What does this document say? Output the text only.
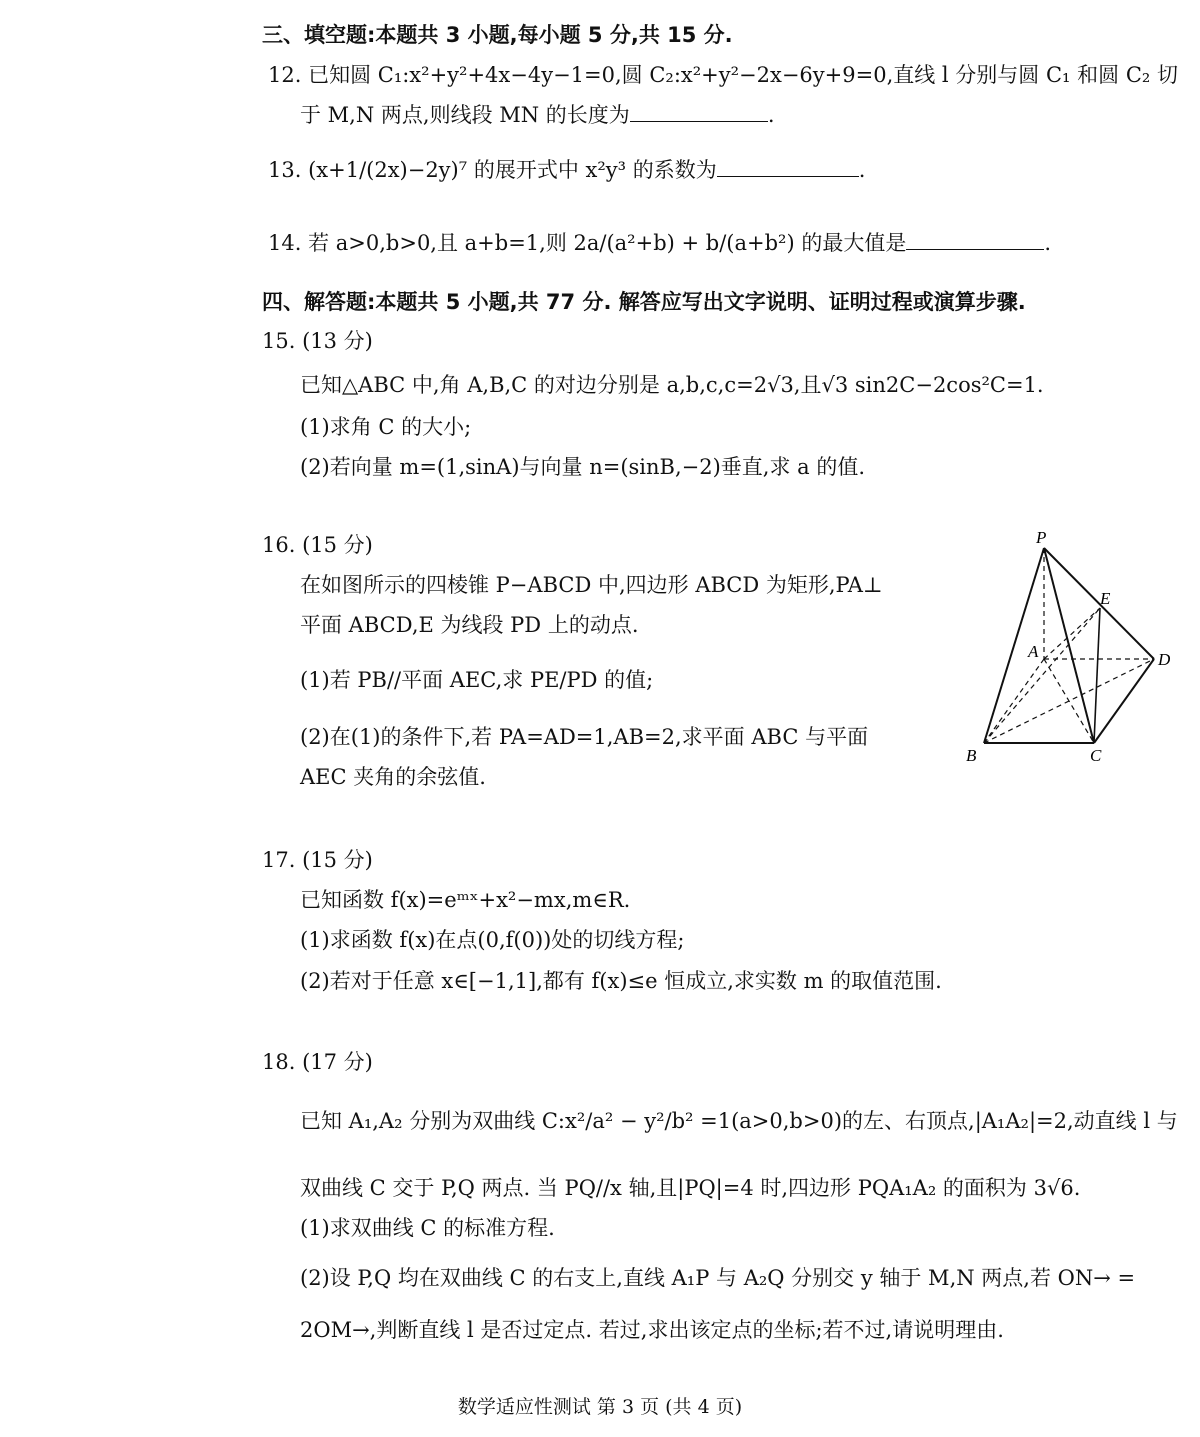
三、填空题:本题共 3 小题,每小题 5 分,共 15 分.
12. 已知圆 C₁:x²+y²+4x−4y−1=0,圆 C₂:x²+y²−2x−6y+9=0,直线 l 分别与圆 C₁ 和圆 C₂ 切
于 M,N 两点,则线段 MN 的长度为	.
13. (x+1/(2x)−2y)⁷ 的展开式中 x²y³ 的系数为	.
14. 若 a>0,b>0,且 a+b=1,则 2a/(a²+b) + b/(a+b²) 的最大值是	.
四、解答题:本题共 5 小题,共 77 分. 解答应写出文字说明、证明过程或演算步骤.
15. (13 分)
已知△ABC 中,角 A,B,C 的对边分别是 a,b,c,c=2√3,且√3 sin2C−2cos²C=1.
(1)求角 C 的大小;
(2)若向量 m=(1,sinA)与向量 n=(sinB,−2)垂直,求 a 的值.
16. (15 分)
在如图所示的四棱锥 P−ABCD 中,四边形 ABCD 为矩形,PA⊥
平面 ABCD,E 为线段 PD 上的动点.
(1)若 PB//平面 AEC,求 PE/PD 的值;
(2)在(1)的条件下,若 PA=AD=1,AB=2,求平面 ABC 与平面
AEC 夹角的余弦值.
P
E
A	D
B	C
17. (15 分)
已知函数 f(x)=eᵐˣ+x²−mx,m∈R.
(1)求函数 f(x)在点(0,f(0))处的切线方程;
(2)若对于任意 x∈[−1,1],都有 f(x)≤e 恒成立,求实数 m 的取值范围.
18. (17 分)
已知 A₁,A₂ 分别为双曲线 C:x²/a² − y²/b² =1(a>0,b>0)的左、右顶点,|A₁A₂|=2,动直线 l 与
双曲线 C 交于 P,Q 两点. 当 PQ//x 轴,且|PQ|=4 时,四边形 PQA₁A₂ 的面积为 3√6.
(1)求双曲线 C 的标准方程.
(2)设 P,Q 均在双曲线 C 的右支上,直线 A₁P 与 A₂Q 分别交 y 轴于 M,N 两点,若 ON→ =
2OM→,判断直线 l 是否过定点. 若过,求出该定点的坐标;若不过,请说明理由.
数学适应性测试 第 3 页 (共 4 页)
